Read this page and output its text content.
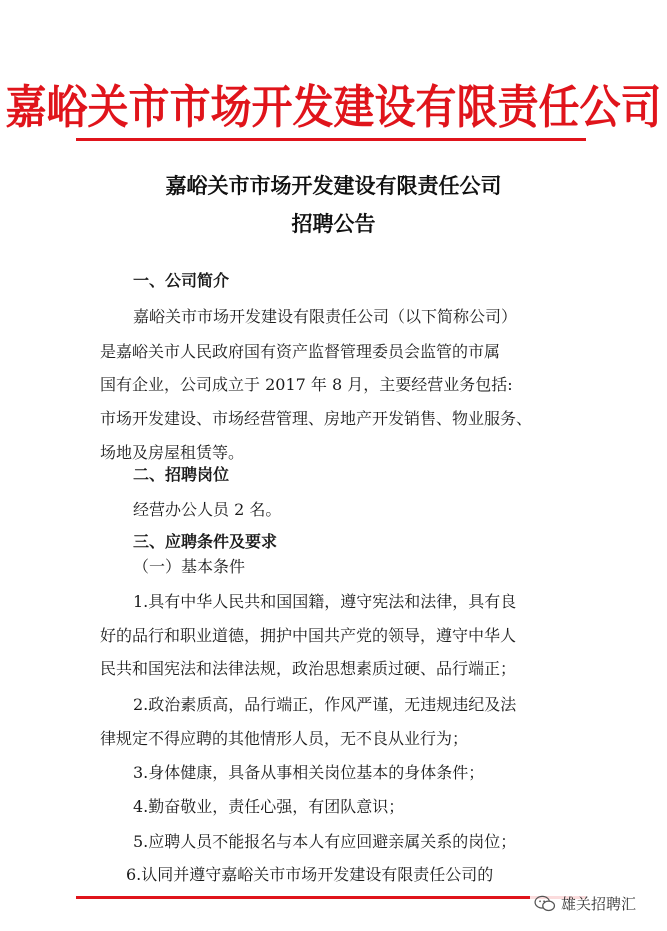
嘉峪关市市场开发建设有限责任公司
嘉峪关市市场开发建设有限责任公司
招聘公告
一、公司简介
嘉峪关市市场开发建设有限责任公司（以下简称公司）
是嘉峪关市人民政府国有资产监督管理委员会监管的市属
国有企业，公司成立于 2017 年 8 月，主要经营业务包括:
市场开发建设、市场经营管理、房地产开发销售、物业服务、
场地及房屋租赁等。
二、招聘岗位
经营办公人员 2 名。
三、应聘条件及要求
（一）基本条件
1.具有中华人民共和国国籍，遵守宪法和法律，具有良
好的品行和职业道德，拥护中国共产党的领导，遵守中华人
民共和国宪法和法律法规，政治思想素质过硬、品行端正；
2.政治素质高，品行端正，作风严谨，无违规违纪及法
律规定不得应聘的其他情形人员，无不良从业行为；
3.身体健康，具备从事相关岗位基本的身体条件；
4.勤奋敬业，责任心强，有团队意识；
5.应聘人员不能报名与本人有应回避亲属关系的岗位；
6.认同并遵守嘉峪关市市场开发建设有限责任公司的
雄关招聘汇
